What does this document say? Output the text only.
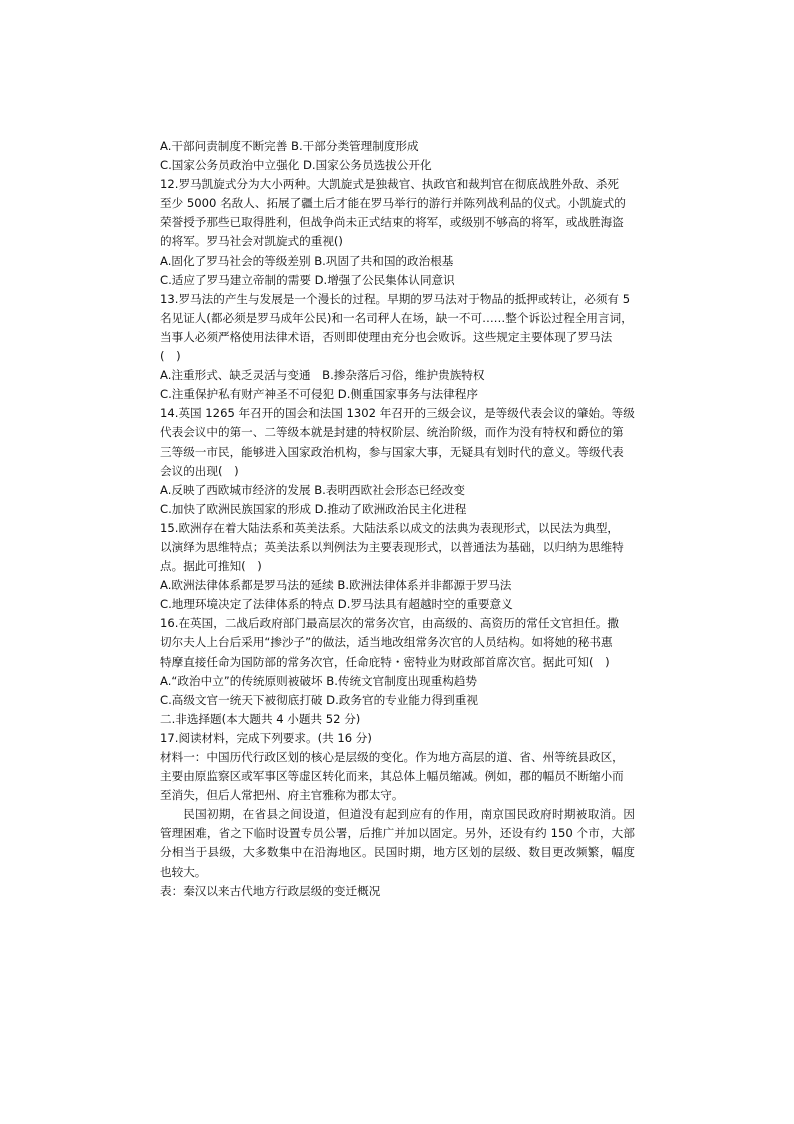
A.干部问责制度不断完善 B.干部分类管理制度形成
C.国家公务员政治中立强化 D.国家公务员选拔公开化
12.罗马凯旋式分为大小两种。大凯旋式是独裁官、执政官和裁判官在彻底战胜外敌、杀死
至少 5000 名敌人、拓展了疆土后才能在罗马举行的游行并陈列战利品的仪式。小凯旋式的
荣誉授予那些已取得胜利，但战争尚未正式结束的将军，或级别不够高的将军，或战胜海盗
的将军。罗马社会对凯旋式的重视()
A.固化了罗马社会的等级差别 B.巩固了共和国的政治根基
C.适应了罗马建立帝制的需要 D.增强了公民集体认同意识
13.罗马法的产生与发展是一个漫长的过程。早期的罗马法对于物品的抵押或转让，必须有 5
名见证人(都必须是罗马成年公民)和一名司秤人在场，缺一不可……整个诉讼过程全用言词，
当事人必须严格使用法律术语，否则即使理由充分也会败诉。这些规定主要体现了罗马法
(　)
A.注重形式、缺乏灵活与变通　B.掺杂落后习俗，维护贵族特权
C.注重保护私有财产神圣不可侵犯 D.侧重国家事务与法律程序
14.英国 1265 年召开的国会和法国 1302 年召开的三级会议，是等级代表会议的肇始。等级
代表会议中的第一、二等级本就是封建的特权阶层、统治阶级，而作为没有特权和爵位的第
三等级一市民，能够进入国家政治机构，参与国家大事，无疑具有划时代的意义。等级代表
会议的出现(　)
A.反映了西欧城市经济的发展 B.表明西欧社会形态已经改变
C.加快了欧洲民族国家的形成 D.推动了欧洲政治民主化进程
15.欧洲存在着大陆法系和英美法系。大陆法系以成文的法典为表现形式，以民法为典型，
以演绎为思维特点；英美法系以判例法为主要表现形式，以普通法为基础，以归纳为思维特
点。据此可推知(　)
A.欧洲法律体系都是罗马法的延续 B.欧洲法律体系并非都源于罗马法
C.地理环境决定了法律体系的特点 D.罗马法具有超越时空的重要意义
16.在英国，二战后政府部门最高层次的常务次官，由高级的、高资历的常任文官担任。撒
切尔夫人上台后采用“掺沙子”的做法，适当地改组常务次官的人员结构。如将她的秘书惠
特摩直接任命为国防部的常务次官，任命庇特・密特业为财政部首席次官。据此可知(　)
A.“政治中立”的传统原则被破坏 B.传统文官制度出现重构趋势
C.高级文官一统天下被彻底打破 D.政务官的专业能力得到重视
二.非选择题(本大题共 4 小题共 52 分)
17.阅读材料，完成下列要求。(共 16 分)
材料一：中国历代行政区划的核心是层级的变化。作为地方高层的道、省、州等统县政区，
主要由原监察区或军事区等虚区转化而来，其总体上幅员缩减。例如，郡的幅员不断缩小而
至消失，但后人常把州、府主官雅称为郡太守。
民国初期，在省县之间设道，但道没有起到应有的作用，南京国民政府时期被取消。因管理困难，省之下临时设置专员公署，后推广并加以固定。另外，还设有约 150 个市，大部分相当于县级，大多数集中在沿海地区。民国时期，地方区划的层级、数目更改频繁，幅度也较大。
表：秦汉以来古代地方行政层级的变迁概况
